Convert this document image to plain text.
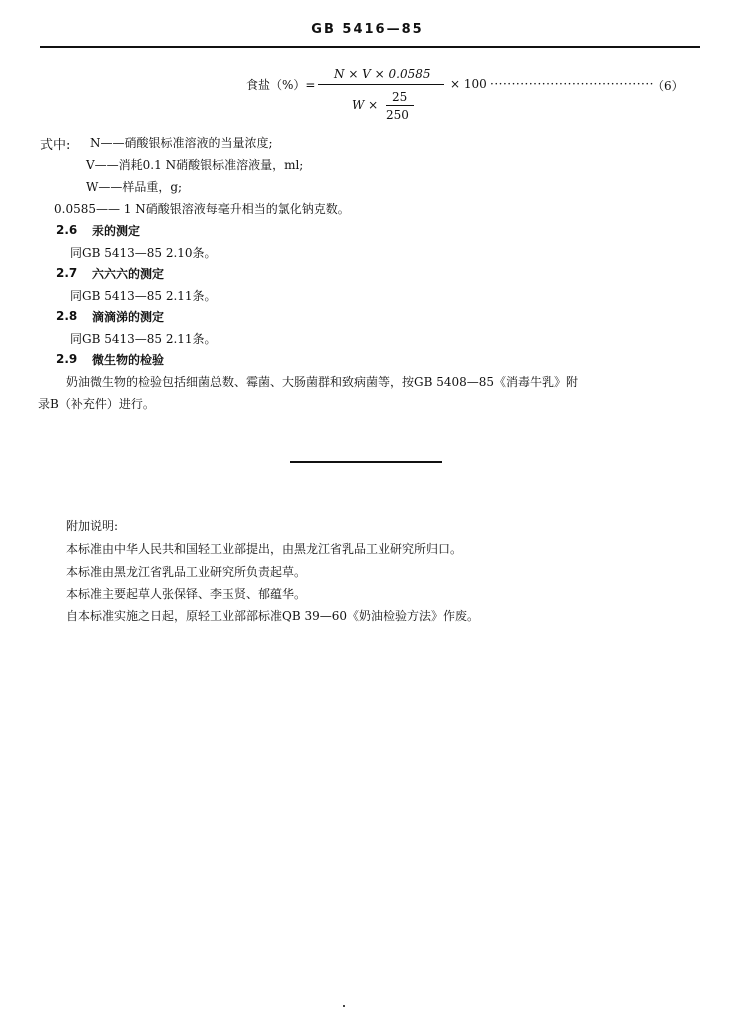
GB 5416—85
食盐（%）=
N × V × 0.0585
W ×
25
250
× 100 ······································
（6）
式中: N——硝酸银标准溶液的当量浓度;
V——消耗0.1 N硝酸银标准溶液量，ml;
W——样品重，g;
0.0585—— 1 N硝酸银溶液每毫升相当的氯化钠克数。
2.6 汞的测定
同GB 5413—85 2.10条。
2.7 六六六的测定
同GB 5413—85 2.11条。
2.8 滴滴涕的测定
同GB 5413—85 2.11条。
2.9 微生物的检验
奶油微生物的检验包括细菌总数、霉菌、大肠菌群和致病菌等，按GB 5408—85《消毒牛乳》附
录B（补充件）进行。
附加说明:
本标准由中华人民共和国轻工业部提出，由黑龙江省乳品工业研究所归口。
本标准由黑龙江省乳品工业研究所负责起草。
本标准主要起草人张保铎、李玉贤、郁蕴华。
自本标准实施之日起，原轻工业部部标准QB 39—60《奶油检验方法》作废。
